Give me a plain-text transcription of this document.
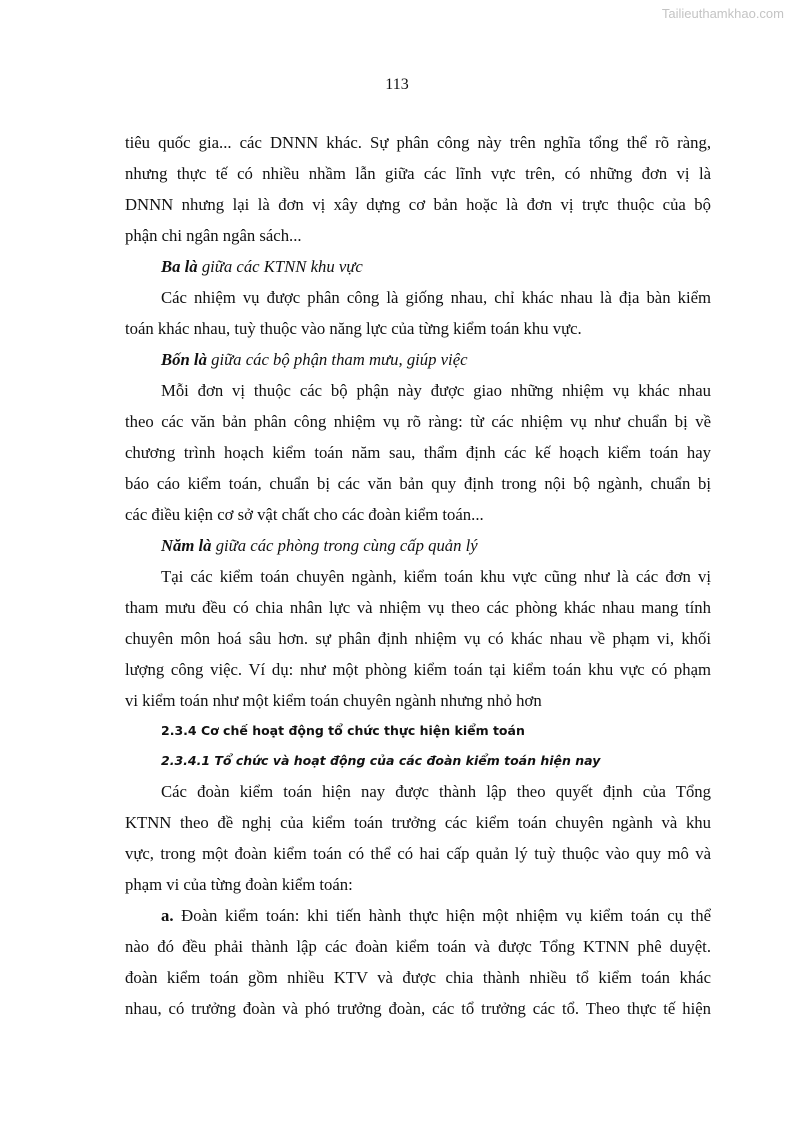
Tailieuthamkhao.com
113
tiêu quốc gia... các DNNN khác. Sự phân công này trên nghĩa tổng thể rõ ràng,
nhưng thực tế có nhiều nhầm lẫn giữa các lĩnh vực trên, có những đơn vị là
DNNN nhưng lại là đơn vị xây dựng cơ bản hoặc là đơn vị trực thuộc của bộ
phận chi ngân ngân sách...
Ba là giữa các KTNN khu vực
Các nhiệm vụ được phân công là giống nhau, chỉ khác nhau là địa bàn kiểm
toán khác nhau, tuỳ thuộc vào năng lực của từng kiểm toán khu vực.
Bốn là giữa các bộ phận tham mưu, giúp việc
Mỗi đơn vị thuộc các bộ phận này được giao những nhiệm vụ khác nhau
theo các văn bản phân công nhiệm vụ rõ ràng: từ các nhiệm vụ như chuẩn bị về
chương trình hoạch kiểm toán năm sau, thẩm định các kế hoạch kiểm toán hay
báo cáo kiểm toán, chuẩn bị các văn bản quy định trong nội bộ ngành, chuẩn bị
các điều kiện cơ sở vật chất cho các đoàn kiểm toán...
Năm là giữa các phòng trong cùng cấp quản lý
Tại các kiểm toán chuyên ngành, kiểm toán khu vực cũng như là các đơn vị
tham mưu đều có chia nhân lực và nhiệm vụ theo các phòng khác nhau mang tính
chuyên môn hoá sâu hơn. sự phân định nhiệm vụ có khác nhau về phạm vi, khối
lượng công việc. Ví dụ: như một phòng kiểm toán tại kiểm toán khu vực có phạm
vi kiểm toán như một kiểm toán chuyên ngành nhưng nhỏ hơn
2.3.4 Cơ chế hoạt động tổ chức thực hiện kiểm toán
2.3.4.1 Tổ chức và hoạt động của các đoàn kiểm toán hiện nay
Các đoàn kiểm toán hiện nay được thành lập theo quyết định của Tổng
KTNN theo đề nghị của kiểm toán trưởng các kiểm toán chuyên ngành và khu
vực, trong một đoàn kiểm toán có thể có hai cấp quản lý tuỳ thuộc vào quy mô và
phạm vi của từng đoàn kiểm toán:
a. Đoàn kiểm toán: khi tiến hành thực hiện một nhiệm vụ kiểm toán cụ thể
nào đó đều phải thành lập các đoàn kiểm toán và được Tổng KTNN phê duyệt.
đoàn kiểm toán gồm nhiều KTV và được chia thành nhiều tổ kiểm toán khác
nhau, có trưởng đoàn và phó trưởng đoàn, các tổ trưởng các tổ. Theo thực tế hiện
